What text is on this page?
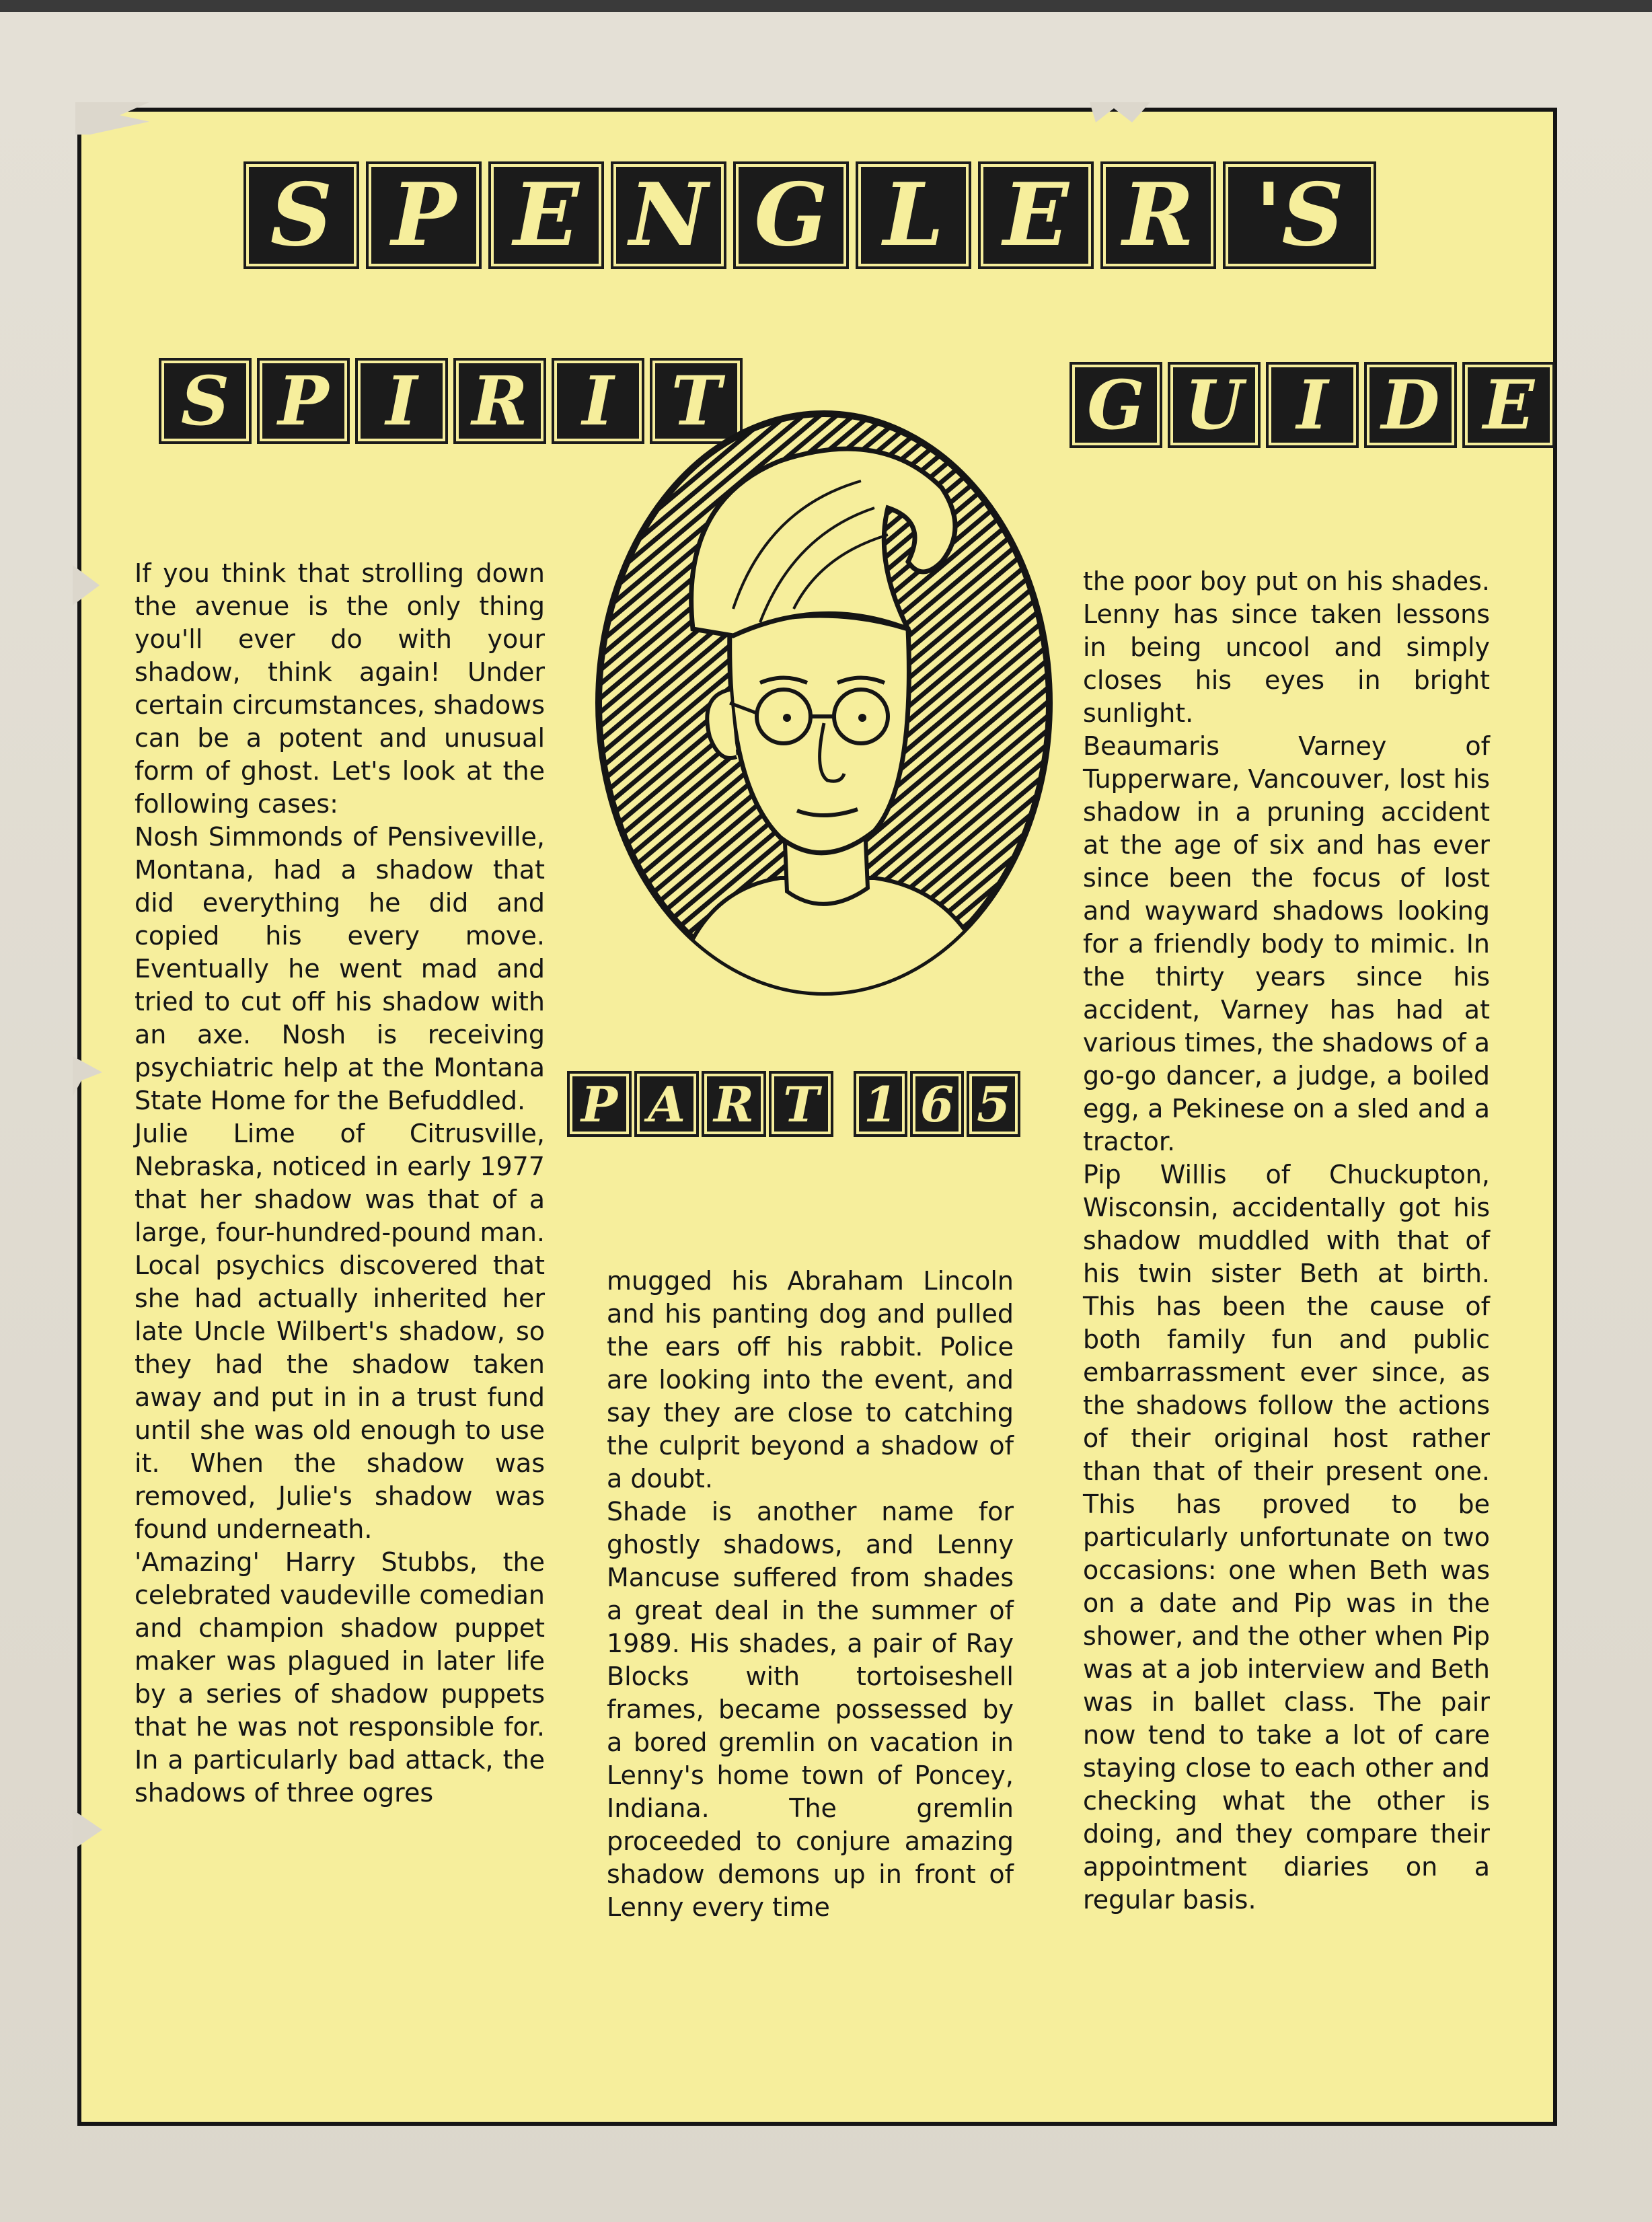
S P E N G L E R 'S
S P I R I T	G U I D E
P A R T 1 6 5

If you think that strolling down the avenue is the only thing you'll ever do with your shadow, think again! Under certain circumstances, shadows can be a potent and unusual form of ghost. Let's look at the following cases:

Nosh Simmonds of Pensiveville, Montana, had a shadow that did everything he did and copied his every move. Eventually he went mad and tried to cut off his shadow with an axe. Nosh is receiving psychiatric help at the Montana State Home for the Befuddled.

Julie Lime of Citrusville, Nebraska, noticed in early 1977 that her shadow was that of a large, four-hundred-pound man. Local psychics discovered that she had actually inherited her late Uncle Wilbert's shadow, so they had the shadow taken away and put in in a trust fund until she was old enough to use it. When the shadow was removed, Julie's shadow was found underneath.

'Amazing' Harry Stubbs, the celebrated vaudeville comedian and champion shadow puppet maker was plagued in later life by a series of shadow puppets that he was not responsible for. In a particularly bad attack, the shadows of three ogres

mugged his Abraham Lincoln and his panting dog and pulled the ears off his rabbit. Police are looking into the event, and say they are close to catching the culprit beyond a shadow of a doubt.

Shade is another name for ghostly shadows, and Lenny Mancuse suffered from shades a great deal in the summer of 1989. His shades, a pair of Ray Blocks with tortoiseshell frames, became possessed by a bored gremlin on vacation in Lenny's home town of Poncey, Indiana. The gremlin proceeded to conjure amazing shadow demons up in front of Lenny every time

the poor boy put on his shades. Lenny has since taken lessons in being uncool and simply closes his eyes in bright sunlight.

Beaumaris Varney of Tupperware, Vancouver, lost his shadow in a pruning accident at the age of six and has ever since been the focus of lost and wayward shadows looking for a friendly body to mimic. In the thirty years since his accident, Varney has had at various times, the shadows of a go-go dancer, a judge, a boiled egg, a Pekinese on a sled and a tractor.

Pip Willis of Chuckupton, Wisconsin, accidentally got his shadow muddled with that of his twin sister Beth at birth. This has been the cause of both family fun and public embarrassment ever since, as the shadows follow the actions of their original host rather than that of their present one. This has proved to be particularly unfortunate on two occasions: one when Beth was on a date and Pip was in the shower, and the other when Pip was at a job interview and Beth was in ballet class. The pair now tend to take a lot of care staying close to each other and checking what the other is doing, and they compare their appointment diaries on a regular basis.
